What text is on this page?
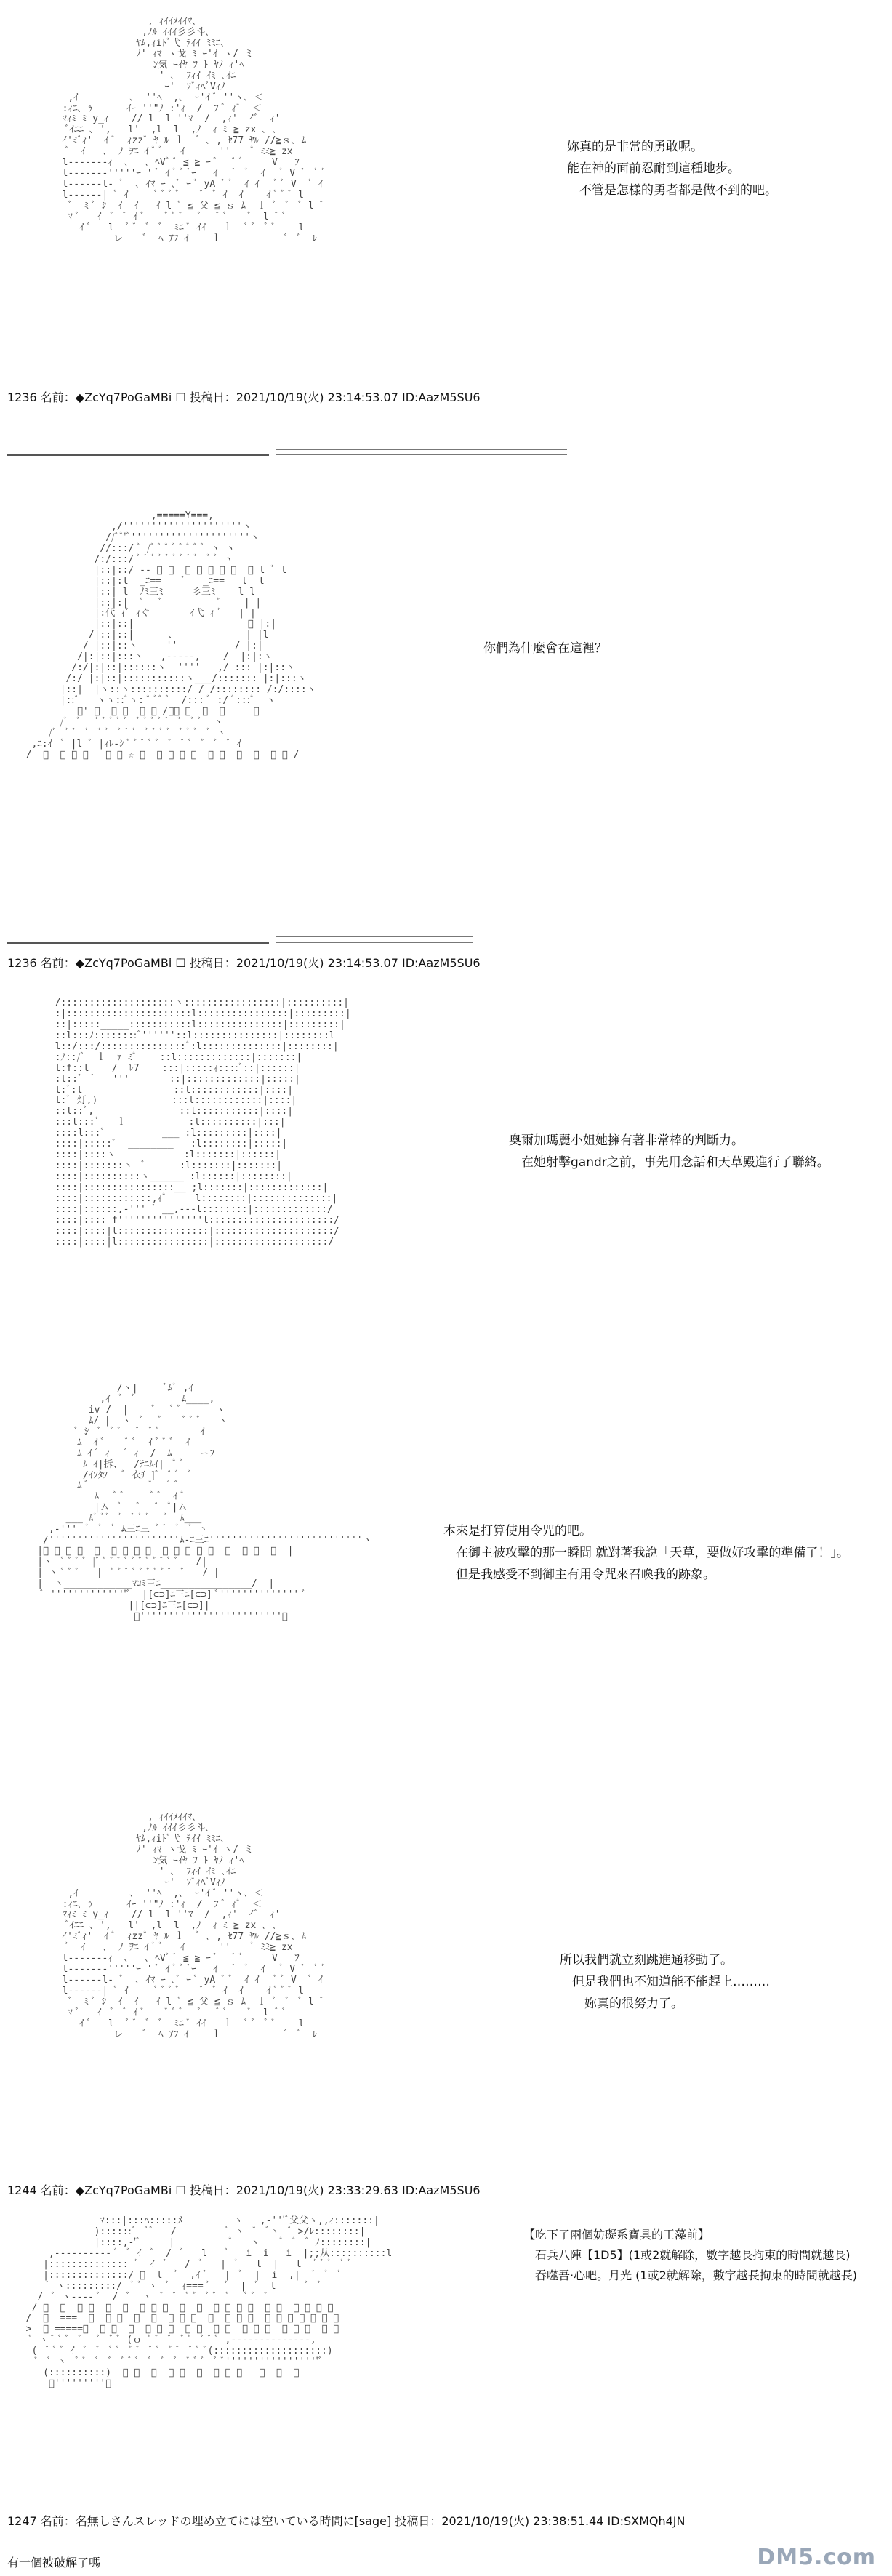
, ｨｲｲﾒｲｲﾏ､
,ﾉﾙ ｲｲｲ彡彡斗､
ﾔﾑ,ｨiﾄﾞ弋 ﾃｲｲ ﾐﾐﾆ､
ﾉ' ｨﾏ ヽ戈 ﾐ ｰ'ｲ ヽ/ ミ
ﾝ気 ｰｲﾔ ﾌ ﾄ ﾔﾉ ｨ'ﾍ
' ､  ﾌｨｲ ｲﾐ ､ｲﾆ
ｰ'  ｿﾞｨﾍﾞVｨﾉ
,ｲ         ､  ''ﾍ  ,､  ｰ'ｲ ﾞ ''ヽ､ ＜
:ｨﾆ､ ｩ      ｲｰ ''"ﾉ :'ｨ  /  ﾌ ﾞ ｨﾞ  ＜
ﾏｨﾐ ﾐ y_ｨ    // l  l ''ﾏ  /  ,ｨ'  ｲﾞ  ｨ'
ﾞｲﾆﾆ ､ ',   l'  ,l  l  ,ﾉ  ｨ ﾐ ≧ zx ､ ､
ｲ'ﾐﾞｨ'  ｲ ﾞ  ｨzzﾞ ﾔ ﾙ ｌ  ﾞ ､ , ｾ77 ﾔﾙ //≧ｓ､ ﾑ
ﾞ  ｲ   ､  ﾉ ｦﾆ ｲ ﾞ ﾞ   ｲ      ''    ﾞ ﾐﾐ≧ zx
l-------ｨ  、  ､ ﾍVﾞ ﾞ ≦ ≧ ｰ ﾞ   ﾞ ﾞ     V   ﾌ
l-------'''''ｰ ' ﾞ ｲ ﾞ ﾞ ﾞｰ   ｲ   ﾞ  ﾞ  ｲ   ﾞ V ﾞ  ﾞ ﾞ
l------l- ﾞ  ､ ｲﾏ ｰ ､ﾞ ｰ ﾞ yA ﾞ ﾞ  ｲ ｲ   ﾞ ﾞ V  ﾞ ｲ
l------| ﾞ ｲ     ﾞ ﾞ ﾞ ﾞ    ﾞ  ﾞ ｲ  ｲ    ｲ ﾞ ﾞ ﾞ l
ﾞ  ﾐ ﾞ ｼ  ｲ  ｲ   ｲ l ﾞ ≦ 父 ≦ ｓ ﾑ  ｌ ﾞ  ﾞ  ﾞ l ﾞ
ﾏ ﾞ   ｲ  ﾞ  ﾞ ｲ ﾞ    ﾞ ﾞ ﾞ   ﾞ   ﾞ ﾞ    ﾞ  l ﾞ ﾞ
ｲ ﾞ   l  ﾞ ﾞ  ﾞ  ﾞ  ﾐﾆ ﾞ ｲｲ   ｌ  ﾞ ﾞ  ﾞ ﾞ    l
レ    ﾞ  ﾍ ｱﾌ ｲ    ｌ           ﾞ  ﾞ  ﾚ

妳真的是非常的勇敢呢。
能在神的面前忍耐到這種地步。
　不管是怎樣的勇者都是做不到的吧。
1236 名前：◆ZcYq7PoGaMBi ☐ 投稿日：2021/10/19(火) 23:14:53.07 ID:AazM5SU6
,=====Y===,
,/'''''''''''''''''''''ヽ
//ﾞﾞ'ﾞ'''''''''''''''''''''ヽ
//:::/ ﾞ /ﾞ ﾞ ﾞ ﾞ ﾞ ﾞ ﾞ ﾞ ヽ ヽ
/:/:::/ ﾞ ﾞ ﾞ ﾞ ﾞ ﾞ ﾞ ﾞ ﾞ  ﾞ ﾞ ヽ
|::|::/ -- ﾞ ﾞ  ﾞ ﾞ ﾞ ﾞ ﾞ  ﾞ l ﾞ l
|::|:l  _ﾆ==    ﾞ   _ﾆ==   l  l
|::| l  ﾉﾐ三ﾐ     彡三ﾐ    l l
|::|:|  ﾞ   ﾞ          ﾞ    | |
|:代 ｨﾞ ｨぐ       ｲ弋 ｨ ﾞ   | |
|::|::|                    ﾞ |:|
/|::|::|      、            | |l
/ |::|::ヽ     ''          / |:|
/|:|::|:::ヽ   ,-----,    /  |:|:ヽ
/:/|:|::|::::::ヽ  ''''   ,/ ::: |:|::ヽ
/:/ |:|::|:::::::::::ヽ___/::::::: |:|:::ヽ
|::|  |ヽ::ヽ::::::::::/ / /:::::::: /:/::::ヽ
|::ﾞ   ヽヽ::ﾞヽ: ﾞ ﾞﾞ ﾞ  /::: ﾞ :/ ﾞ:::ﾞ  ヽ
ﾞ' ﾞ  ﾞ ﾞ  ﾞ ﾞ /ﾞﾞ ﾞ  ﾞ  ﾞ     ﾞ
/ﾞ  ﾞ   ﾞ ﾞ ﾞ ﾞ ﾞ  ﾞ ﾞ ﾞ ﾞ ﾞ  ﾞ  ﾞ ﾞ  ヽ
/ﾞ  ﾞ ﾞ  ﾞ  ﾞ ﾞ  ﾞ ﾞ ﾞ  ﾞ ﾞ ﾞ ﾞ  ﾞ ﾞ ﾞ  ﾞ ヽ
,ﾆ:ｲ  ﾞ |l ﾞ |ｨﾚ-ｼ ﾞ ﾞ ﾞ ﾞ ﾞ  ﾞ  ﾞ ﾞ  ﾞ  ﾞ  ﾞ ｲ
/  ﾞ  ﾞ ﾞ ﾞ   ﾞ ﾞ ☆ ﾞ  ﾞ ﾞ ﾞ ﾞ  ﾞ ﾞ  ﾞ  ﾞ  ﾞ ﾞ /

你們為什麼會在這裡？
1236 名前：◆ZcYq7PoGaMBi ☐ 投稿日：2021/10/19(火) 23:14:53.07 ID:AazM5SU6
/::::::::::::::::::::ヽ:::::::::::::::::|::::::::::|
:|::::::::::::::::::::::l::::::::::::::::|:::::::::|
::|:::::_____:::::::::::l:::::::::::::::|:::::::::|
::l:::ﾉ::::::::ﾞ''''''::l:::::::::::::::|::::::::l
l::/:::/:::::::::::::::ﾞ:l::::::::::::::|::::::::|
:ﾉ::/ﾞ  ｌ  ｧ ﾐﾞ    ::l:::::::::::::|:::::::|
l:f::l    /  ﾚ7    :::|:::::ｨ::::ﾞ::|::::::|
:l::ﾞ  ﾞ   '''       ::|:::::::::::::|:::::|
l:ﾞ:l                ::l::::::::::::|::::|
l:ﾞ 灯,)             :::l::::::::::::|::::|
::l::ﾞ,               ::l:::::::::::|::::|
:::l:::ﾞ   ｌ           :l::::::::::|:::|
::::l:::ﾞ          ___ :l:::::::::|::::|
::::|:::::ﾞ  ________   :l::::::::|:::::|
::::|::::ヽ            :l:::::::|::::::|
::::|:::::::ヽ  ﾞ      :l:::::::|:::::::|
::::|::::::::::ヽ______ :l::::::|::::::::|
::::|::::::::::::::::__ ;l:::::::|:::::::::::::|
::::|::::::::::::,ｨﾞ     l::::::::|::::::::::::::|
::::|::::::,-''' ﾞ __,---l::::::::|:::::::::::::/
::::|:::: f'''''''''''''''l::::::::::::::::::::::/
::::|::::|l::::::::::::::::|:::::::::::::::::::::/
::::|::::|l::::::::::::::::|::::::::::::::::::::/

奧爾加瑪麗小姐她擁有著非常棒的判斷力。
　在她射擊gandr之前，事先用念話和天草殿進行了聯絡。
/ヽ|     ﾞﾑﾞ ,ｲ
,ｲ  ﾞ  ﾞ        ﾑ____,
iv /  |    ﾞ   ﾞ ﾞ      ヽ
ﾑ/ |  ヽ  ﾞ   ﾞ    ﾞ ﾞ ﾞ   ヽ
ﾞ ｼ  ﾞ  ﾞ ﾞ   ﾞ  ﾞ ﾞ       ｲ
ﾑ  ｲ ﾞ    ﾞ ﾞ  ｲ ﾞ ﾞ ﾞ  ｲ
ﾑ ｲ ﾞ ｨ   ﾞ ｨ  /  ﾑ     ｰｰﾌ
ﾑ ｲ|拆、  /ﾃﾆﾑｲ|  ﾞ ﾞ
/ｲｿﾀﾂ   ﾞ 衣ﾁ ]ﾞ  ﾞ ﾞ  ﾞ
ﾑ ﾞ           ﾞ   ﾞ ﾞ
ﾑ   ﾞ ﾞ     ﾞ ﾞ  ｲ ﾞ
|ム  ﾞ   ﾞ   ﾞ  ﾞ|ム
___ ﾑﾞ ﾞﾞ  ﾞ  ﾞ ﾞ ﾞ   ﾞ  ﾑ___
,-'''  ﾞ  ﾞ  ﾞ ﾑ三ﾆ三 ﾞ ﾞ  ﾞ  ﾞ ヽ
/'''''''''''''''''''''''ﾑ-ﾆ三ﾆ'''''''''''''''''''''''''''ヽ
|ﾞ ﾞ ﾞ ﾞ  ﾞ  ﾞ ﾞ ﾞ ﾞ  ﾞ ﾞ ﾞ ﾞ ﾞ  ﾞ  ﾞ ﾞ  ﾞ  |
|ヽ  ﾞ ﾞ ﾞ ﾞ |ﾞ ﾞ ﾞ ﾞ ﾞ ﾞ ﾞ ﾞ ﾞ ﾞ ﾞ ﾞ   /|
| ヽ ﾞ ﾞ ﾞ   |  ﾞ ﾞ ﾞ ﾞ ﾞ ﾞ ﾞ ﾞ ﾞ  ﾞ   / |
|  ヽ____________ﾏｺﾐ三ﾆ________________/  |
ﾞ ''''''''''''''ﾞ  |[⊂⊃]ﾆ三ﾆ[⊂⊃] ﾞ'''''''''''''' ﾞ
||[⊂⊃]ﾆ三ﾆ[⊂⊃]|
ﾞ'''''''''''''''''''''''''ﾞ

本來是打算使用令咒的吧。
　在御主被攻擊的那一瞬間 就對著我說「天草，要做好攻擊的準備了！」。
　但是我感受不到御主有用令咒來召喚我的跡象。
, ｨｲｲﾒｲｲﾏ､
,ﾉﾙ ｲｲｲ彡彡斗､
ﾔﾑ,ｨiﾄﾞ弋 ﾃｲｲ ﾐﾐﾆ､
ﾉ' ｨﾏ ヽ戈 ﾐ ｰ'ｲ ヽ/ ミ
ﾝ気 ｰｲﾔ ﾌ ﾄ ﾔﾉ ｨ'ﾍ
' ､  ﾌｨｲ ｲﾐ ､ｲﾆ
ｰ'  ｿﾞｨﾍﾞVｨﾉ
,ｲ         ､  ''ﾍ  ,､  ｰ'ｲ ﾞ ''ヽ､ ＜
:ｨﾆ､ ｩ      ｲｰ ''"ﾉ :'ｨ  /  ﾌ ﾞ ｨﾞ  ＜
ﾏｨﾐ ﾐ y_ｨ    // l  l ''ﾏ  /  ,ｨ'  ｲﾞ  ｨ'
ﾞｲﾆﾆ ､ ',   l'  ,l  l  ,ﾉ  ｨ ﾐ ≧ zx ､ ､
ｲ'ﾐﾞｨ'  ｲ ﾞ  ｨzzﾞ ﾔ ﾙ ｌ  ﾞ ､ , ｾ77 ﾔﾙ //≧ｓ､ ﾑ
ﾞ  ｲ   ､  ﾉ ｦﾆ ｲ ﾞ ﾞ   ｲ      ''    ﾞ ﾐﾐ≧ zx
l-------ｨ  、  ､ ﾍVﾞ ﾞ ≦ ≧ ｰ ﾞ   ﾞ ﾞ     V   ﾌ
l-------'''''ｰ ' ﾞ ｲ ﾞ ﾞ ﾞｰ   ｲ   ﾞ  ﾞ  ｲ   ﾞ V ﾞ  ﾞ ﾞ
l------l- ﾞ  ､ ｲﾏ ｰ ､ﾞ ｰ ﾞ yA ﾞ ﾞ  ｲ ｲ   ﾞ ﾞ V  ﾞ ｲ
l------| ﾞ ｲ     ﾞ ﾞ ﾞ ﾞ    ﾞ  ﾞ ｲ  ｲ    ｲ ﾞ ﾞ ﾞ l
ﾞ  ﾐ ﾞ ｼ  ｲ  ｲ   ｲ l ﾞ ≦ 父 ≦ ｓ ﾑ  ｌ ﾞ  ﾞ  ﾞ l ﾞ
ﾏ ﾞ   ｲ  ﾞ  ﾞ ｲ ﾞ    ﾞ ﾞ ﾞ   ﾞ   ﾞ ﾞ    ﾞ  l ﾞ ﾞ
ｲ ﾞ   l  ﾞ ﾞ  ﾞ  ﾞ  ﾐﾆ ﾞ ｲｲ   ｌ  ﾞ ﾞ  ﾞ ﾞ    l
レ    ﾞ  ﾍ ｱﾌ ｲ    ｌ           ﾞ  ﾞ  ﾚ

所以我們就立刻跳進通移動了。
　但是我們也不知道能不能趕上………
　　妳真的很努力了。
1244 名前：◆ZcYq7PoGaMBi ☐ 投稿日：2021/10/19(火) 23:33:29.63 ID:AazM5SU6
ﾏ:::|:::ﾍ:::::ﾒ         ヽ   ,-'''ﾞ父父ヽ,,ｨ:::::::|
)::::::ﾞ  ﾞﾞ   /         ﾞ ヽ  ﾞ  ﾞヽ  ﾞ >/ﾚ::::::::|
|::::,-'ﾞ     |          ﾞ   ヽ    ﾞ  ﾞ  ﾞ ﾉ::::::::|
,---------- ﾞ  ﾞ ｲ  ﾞ  /  ﾞ   l   ﾞ   i  i   i  |;;从::::::::::l
|:::::::::::::: ﾞ  ｲ  ﾞ   /  ﾞ   |  ﾞ   l  |   l  ﾞ ﾞ ﾞ  ﾞ ﾞ
|::::::::::::::/ ﾞ  l  ﾞ  ,ｲ ﾞ   |  ﾞ  |  i  ,|  ﾞ  ﾞ  ﾞ
ﾞ ヽ:::::::::/  ﾞ ﾞ ヽ  ﾞ  ｨ=== ﾞ   ﾞ  |  ﾞ  l     ﾞ  ﾞ
/  ﾞ ヽ---- ﾞ  /  ﾞ  ヽ  ﾞ  ﾞ  ﾞ ﾞ  ﾞ ﾞ  ﾞ   ﾞ ﾞ  ﾞ
/ ﾞ  ﾞ  ﾞ ﾞ  ﾞ  ﾞ  ﾞ ﾞ ﾞ  ﾞ  ﾞ  ﾞ ﾞ ﾞ ﾞ  ﾞ ﾞ  ﾞ ﾞ ﾞ ﾞ
/  ﾞ  ===  ﾞ  ﾞ ﾞ  ﾞ  ﾞ  ﾞ ﾞ ﾞ  ﾞ  ﾞ ﾞ ﾞ  ﾞ ﾞ ﾞ ﾞ ﾞ ﾞ ﾞ
>  ﾞ =====ﾞ  ﾞ ﾞ  ﾞ  ﾞ ﾞ ﾞ  ﾞ ﾞ  ﾞ ﾞ  ﾞ ﾞ ﾞ  ﾞ ﾞ ﾞ  ﾞ ﾞ
ﾞ ヽ ﾞ ﾞ ﾞ  ﾞ   ﾞ  ﾞ ﾞ (ｏ ﾞ ﾞ  ﾞ  ﾞ ﾞ  ﾞ ﾞ ﾞ ,--------------,
(  ﾞ ﾞ ﾞ ｲ  ﾞ  ﾞ  ﾞ ﾞ  ﾞ ﾞ  ﾞ ﾞ  ﾞ ﾞ  ﾞ ﾞ ﾞ(::::::::::::::::::::)
ﾞ  ﾞ ヽ  ﾞ ﾞ  ﾞ  ﾞ  ﾞ ﾞ ﾞ  ﾞ  ﾞ  ﾞ  ﾞ ﾞ ﾞ  ﾞ ﾞ'''''''''''''''''ﾞ
(::::::::::)  ﾞ ﾞ  ﾞ  ﾞ ﾞ  ﾞ  ﾞ ﾞ ﾞ   ﾞ  ﾞ  ﾞ
ﾞ'''''''''ﾞ

【吃下了兩個妨礙系寶具的王藻前】
　石兵八陣【1D5】(1或2就解除，數字越長拘束的時間就越長)
　吞噬吾·心吧。月光 (1或2就解除，數字越長拘束的時間就越長)
1247 名前：名無しさんスレッドの埋め立てには空いている時間に[sage] 投稿日：2021/10/19(火) 23:38:51.44 ID:SXMQh4JN
有一個被破解了嗎	DM5.com
